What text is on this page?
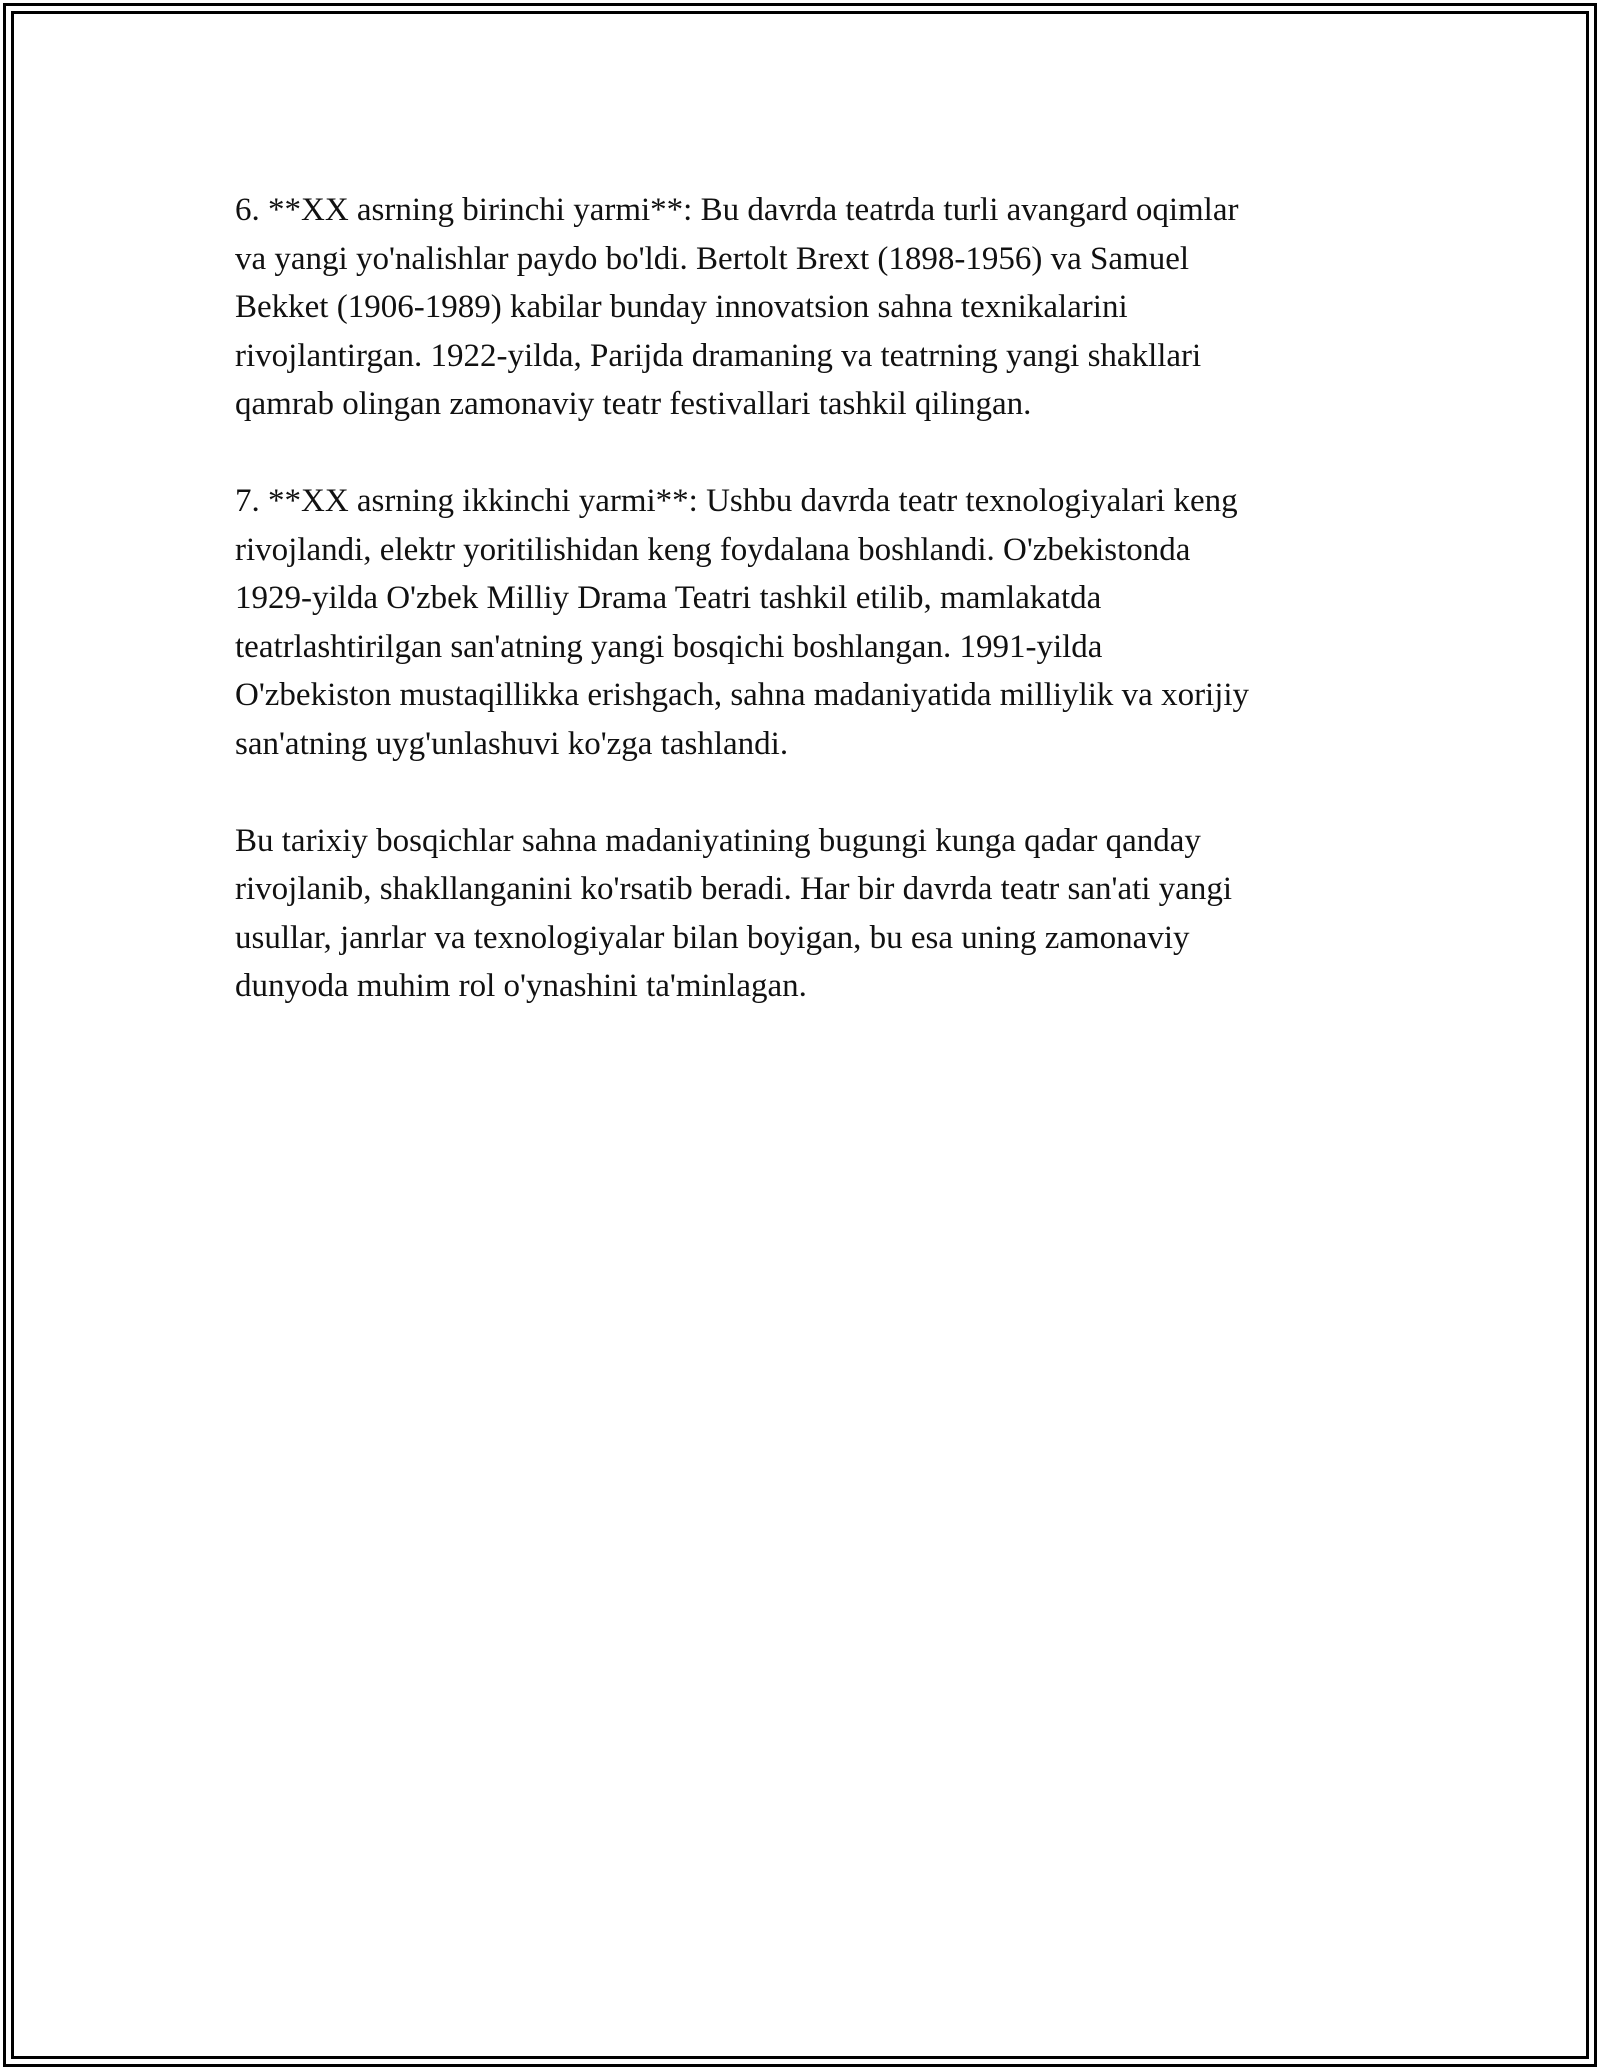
6. **XX asrning birinchi yarmi**: Bu davrda teatrda turli avangard oqimlar
va yangi yo'nalishlar paydo bo'ldi. Bertolt Brext (1898-1956) va Samuel
Bekket (1906-1989) kabilar bunday innovatsion sahna texnikalarini
rivojlantirgan. 1922-yilda, Parijda dramaning va teatrning yangi shakllari
qamrab olingan zamonaviy teatr festivallari tashkil qilingan.

7. **XX asrning ikkinchi yarmi**: Ushbu davrda teatr texnologiyalari keng
rivojlandi, elektr yoritilishidan keng foydalana boshlandi. O'zbekistonda
1929-yilda O'zbek Milliy Drama Teatri tashkil etilib, mamlakatda
teatrlashtirilgan san'atning yangi bosqichi boshlangan. 1991-yilda
O'zbekiston mustaqillikka erishgach, sahna madaniyatida milliylik va xorijiy
san'atning uyg'unlashuvi ko'zga tashlandi.

Bu tarixiy bosqichlar sahna madaniyatining bugungi kunga qadar qanday
rivojlanib, shakllanganini ko'rsatib beradi. Har bir davrda teatr san'ati yangi
usullar, janrlar va texnologiyalar bilan boyigan, bu esa uning zamonaviy
dunyoda muhim rol o'ynashini ta'minlagan.
